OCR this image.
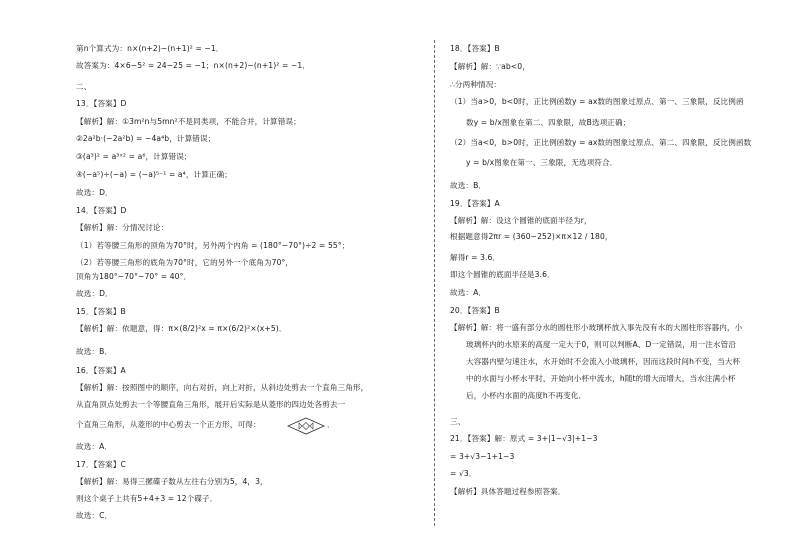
第n个算式为：n×(n+2)−(n+1)² = −1．
故答案为：4×6−5² = 24−25 = −1；n×(n+2)−(n+1)² = −1．
二、
13．【答案】D
【解析】解：①3m²n与5mn²不是同类项，不能合并，计算错误；
②2a²b·(−2a²b) = −4a⁴b，计算错误；
③(a³)² = a³ˣ² = a⁶，计算错误；
④(−a⁵)÷(−a) = (−a)⁵⁻¹ = a⁴，计算正确；
故选：D．
14．【答案】D
【解析】解：分情况讨论：
（1）若等腰三角形的顶角为70°时，另外两个内角 = (180°−70°)÷2 = 55°；
（2）若等腰三角形的底角为70°时，它的另外一个底角为70°，
顶角为180°−70°−70° = 40°．
故选：D．
15．【答案】B
【解析】解：依题意，得：π×(8/2)²x = π×(6/2)²×(x+5)．
故选：B．
16．【答案】A
【解析】解：按照图中的顺序，向右对折，向上对折，从斜边处剪去一个直角三角形，
从直角顶点处剪去一个等腰直角三角形，展开后实际是从菱形的四边处各剪去一
个直角三角形，从菱形的中心剪去一个正方形，可得：
故选：A．
17．【答案】C
【解析】解：易得三摞碟子数从左往右分别为5，4，3，
则这个桌子上共有5+4+3 = 12个碟子．
故选：C．
．
18．【答案】B
【解析】解：∵ab<0，
∴分两种情况：
（1）当a>0，b<0时，正比例函数y = ax数的图象过原点、第一、三象限，反比例函
数y = b/x图象在第二、四象限，故B选项正确；
（2）当a<0，b>0时，正比例函数y = ax数的图象过原点、第二、四象限，反比例函数
y = b/x图象在第一、三象限，无选项符合．
故选：B．
19．【答案】A
【解析】解：设这个圆锥的底面半径为r，
根据题意得2πr = (360−252)×π×12 / 180，
解得r = 3.6．
即这个圆锥的底面半径是3.6．
故选：A．
20．【答案】B
【解析】解：将一盛有部分水的圆柱形小玻璃杯放入事先没有水的大圆柱形容器内，小
玻璃杯内的水原来的高度一定大于0，则可以判断A、D一定错误，用一注水管沿
大容器内壁匀速注水，水开始时不会流入小玻璃杯，因而这段时间h不变，当大杯
中的水面与小杯水平时，开始向小杯中流水，h随t的增大而增大，当水注满小杯
后，小杯内水面的高度h不再变化．
三、
21．【答案】解：原式 = 3+|1−√3|+1−3
= 3+√3−1+1−3
= √3．
【解析】具体答题过程参照答案．
